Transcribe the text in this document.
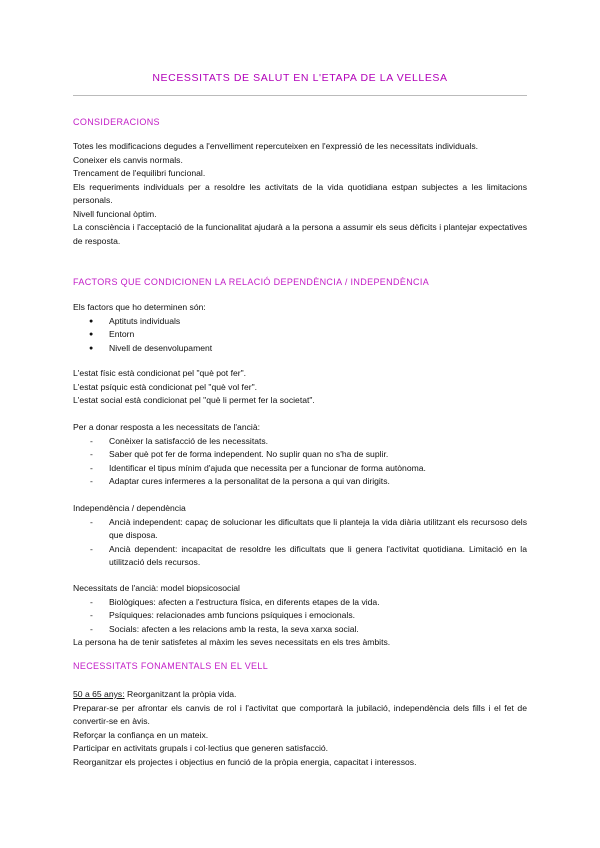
NECESSITATS DE SALUT EN L'ETAPA DE LA VELLESA
CONSIDERACIONS

Totes les modificacions degudes a l'envelliment repercuteixen en l'expressió de les necessitats individuals.

Coneixer els canvis normals.

Trencament de l'equilibri funcional.

Els requeriments individuals per a resoldre les activitats de la vida quotidiana estpan subjectes a les limitacions personals.

Nivell funcional òptim.

La consciència i l'acceptació de la funcionalitat ajudarà a la persona a assumir els seus dèficits i plantejar expectatives de resposta.

FACTORS QUE CONDICIONEN LA RELACIÓ DEPENDÈNCIA / INDEPENDÈNCIA

Els factors que ho determinen són:

● Aptituts individuals
● Entorn
● Nivell de desenvolupament

L'estat físic està condicionat pel "què pot fer".

L'estat psíquic està condicionat pel "què vol fer".

L'estat social està condicionat pel "què li permet fer la societat".

Per a donar resposta a les necessitats de l'ancià:

- Conèixer la satisfacció de les necessitats.
- Saber què pot fer de forma independent. No suplir quan no s'ha de suplir.
- Identificar el tipus mínim d'ajuda que necessita per a funcionar de forma autònoma.
- Adaptar cures infermeres a la personalitat de la persona a qui van dirigits.

Independència / dependència

- Ancià independent: capaç de solucionar les dificultats que li planteja la vida diària utilitzant els recursoso dels que disposa.
- Ancià dependent: incapacitat de resoldre les dificultats que li genera l'activitat quotidiana. Limitació en la utilització dels recursos.

Necessitats de l'ancià: model biopsicosocial

- Biològiques: afecten a l'estructura física, en diferents etapes de la vida.
- Psíquiques: relacionades amb funcions psíquiques i emocionals.
- Socials: afecten a les relacions amb la resta, la seva xarxa social.

La persona ha de tenir satisfetes al màxim les seves necessitats en els tres àmbits.

NECESSITATS FONAMENTALS EN EL VELL

50 a 65 anys: Reorganitzant la pròpia vida.

Preparar-se per afrontar els canvis de rol i l'activitat que comportarà la jubilació, independència dels fills i el fet de convertir-se en àvis.

Reforçar la confiança en un mateix.

Participar en activitats grupals i col·lectius que generen satisfacció.

Reorganitzar els projectes i objectius en funció de la pròpia energia, capacitat i interessos.
